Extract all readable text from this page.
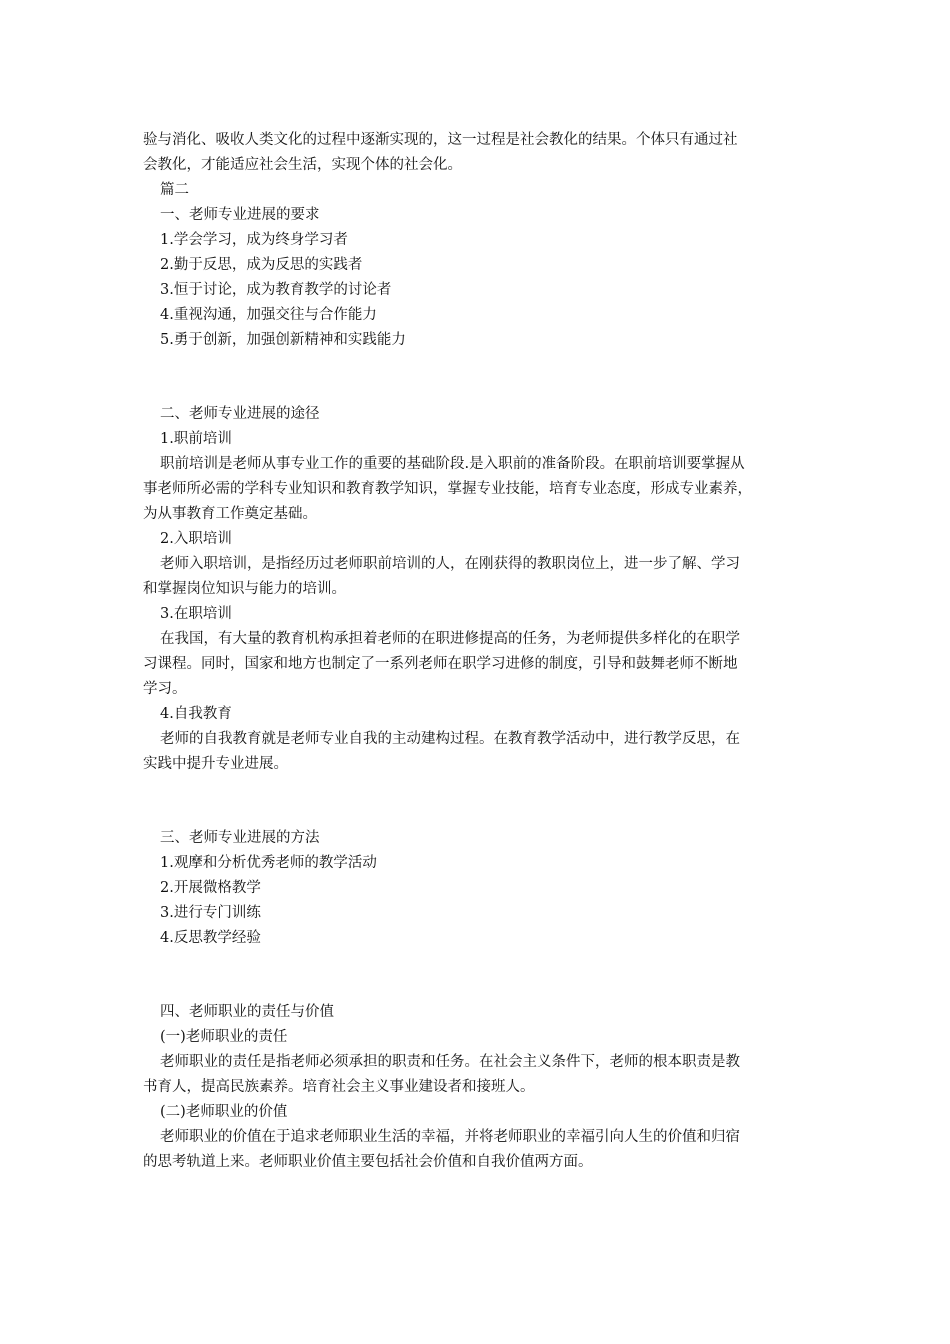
验与消化、吸收人类文化的过程中逐渐实现的，这一过程是社会教化的结果。个体只有通过社
会教化，才能适应社会生活，实现个体的社会化。
篇二
一、老师专业进展的要求
1.学会学习，成为终身学习者
2.勤于反思，成为反思的实践者
3.恒于讨论，成为教育教学的讨论者
4.重视沟通，加强交往与合作能力
5.勇于创新，加强创新精神和实践能力
二、老师专业进展的途径
1.职前培训
职前培训是老师从事专业工作的重要的基础阶段.是入职前的准备阶段。在职前培训要掌握从
事老师所必需的学科专业知识和教育教学知识，掌握专业技能，培育专业态度，形成专业素养，
为从事教育工作奠定基础。
2.入职培训
老师入职培训，是指经历过老师职前培训的人，在刚获得的教职岗位上，进一步了解、学习
和掌握岗位知识与能力的培训。
3.在职培训
在我国，有大量的教育机构承担着老师的在职进修提高的任务，为老师提供多样化的在职学
习课程。同时，国家和地方也制定了一系列老师在职学习进修的制度，引导和鼓舞老师不断地
学习。
4.自我教育
老师的自我教育就是老师专业自我的主动建构过程。在教育教学活动中，进行教学反思，在
实践中提升专业进展。
三、老师专业进展的方法
1.观摩和分析优秀老师的教学活动
2.开展微格教学
3.进行专门训练
4.反思教学经验
四、老师职业的责任与价值
(一)老师职业的责任
老师职业的责任是指老师必须承担的职责和任务。在社会主义条件下，老师的根本职责是教
书育人，提高民族素养。培育社会主义事业建设者和接班人。
(二)老师职业的价值
老师职业的价值在于追求老师职业生活的幸福，并将老师职业的幸福引向人生的价值和归宿
的思考轨道上来。老师职业价值主要包括社会价值和自我价值两方面。
